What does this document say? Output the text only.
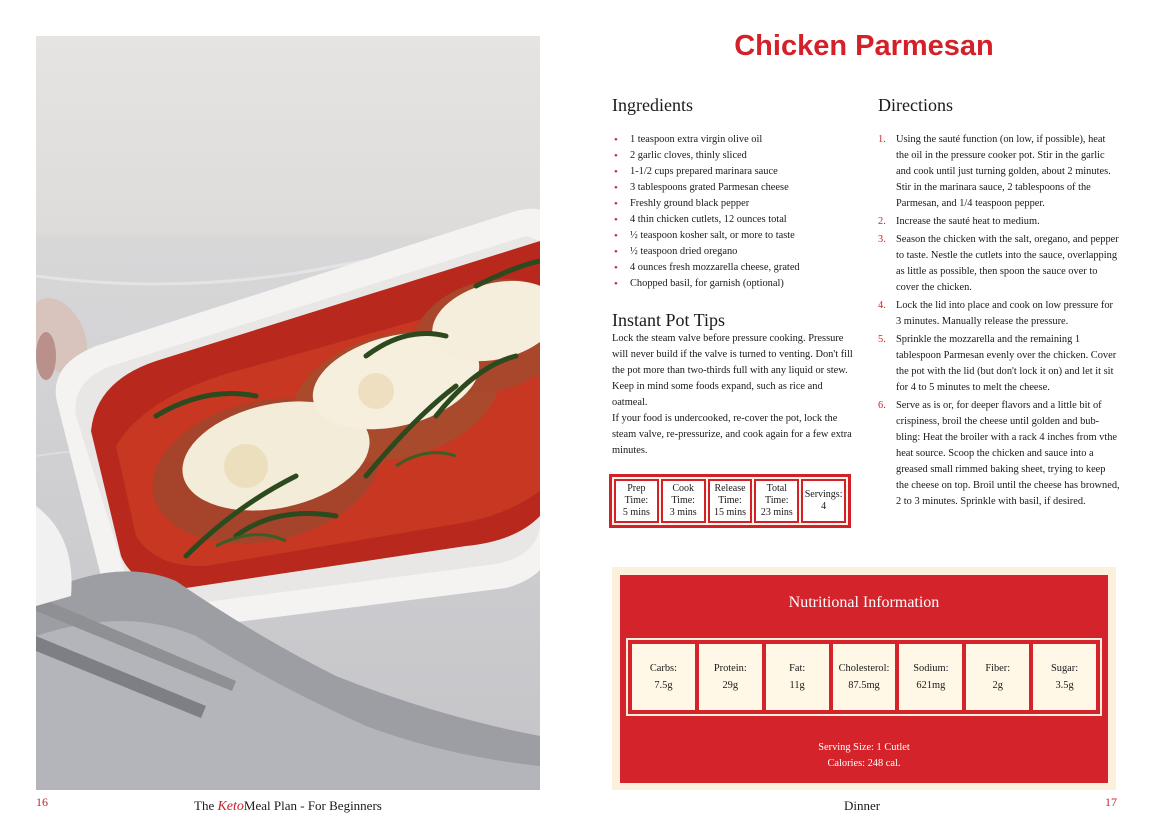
16	The KetoMeal Plan - For Beginners
Chicken Parmesan
Ingredients
• 1 teaspoon extra virgin olive oil
• 2 garlic cloves, thinly sliced
• 1-1/2 cups prepared marinara sauce
• 3 tablespoons grated Parmesan cheese
• Freshly ground black pepper
• 4 thin chicken cutlets, 12 ounces total
• ½ teaspoon kosher salt, or more to taste
• ½ teaspoon dried oregano
• 4 ounces fresh mozzarella cheese, grated
• Chopped basil, for garnish (optional)
Instant Pot Tips
Lock the steam valve before pressure cooking. Pressure will never build if the valve is turned to venting. Don't fill the pot more than two-thirds full with any liquid or stew. Keep in mind some foods expand, such as rice and oatmeal.
If your food is undercooked, re-cover the pot, lock the steam valve, re-pressurize, and cook again for a few extra minutes.
Prep Time:
5 mins
Cook Time:
3 mins
Release Time:
15 mins
Total Time:
23 mins
Servings:
4
Directions
1. Using the sauté function (on low, if possible), heat the oil in the pressure cooker pot. Stir in the garlic and cook until just turning golden, about 2 minutes. Stir in the marinara sauce, 2 tablespoons of the Parmesan, and 1/4 teaspoon pepper.
2. Increase the sauté heat to medium.
3. Season the chicken with the salt, oregano, and pepper to taste. Nestle the cutlets into the sauce, overlapping as little as possible, then spoon the sauce over to cover the chicken.
4. Lock the lid into place and cook on low pressure for 3 minutes. Manually release the pressure.
5. Sprinkle the mozzarella and the remaining 1 tablespoon Parmesan evenly over the chicken. Cover the pot with the lid (but don't lock it on) and let it sit for 4 to 5 minutes to melt the cheese.
6. Serve as is or, for deeper flavors and a little bit of crispiness, broil the cheese until golden and bub-bling: Heat the broiler with a rack 4 inches from vthe heat source. Scoop the chicken and sauce into a greased small rimmed baking sheet, trying to keep the cheese on top. Broil until the cheese has browned, 2 to 3 minutes. Sprinkle with basil, if desired.
Nutritional Information
Carbs:
7.5g
Protein:
29g
Fat:
11g
Cholesterol:
87.5mg
Sodium:
621mg
Fiber:
2g
Sugar:
3.5g
Serving Size: 1 Cutlet
Calories: 248 cal.
Dinner	17
